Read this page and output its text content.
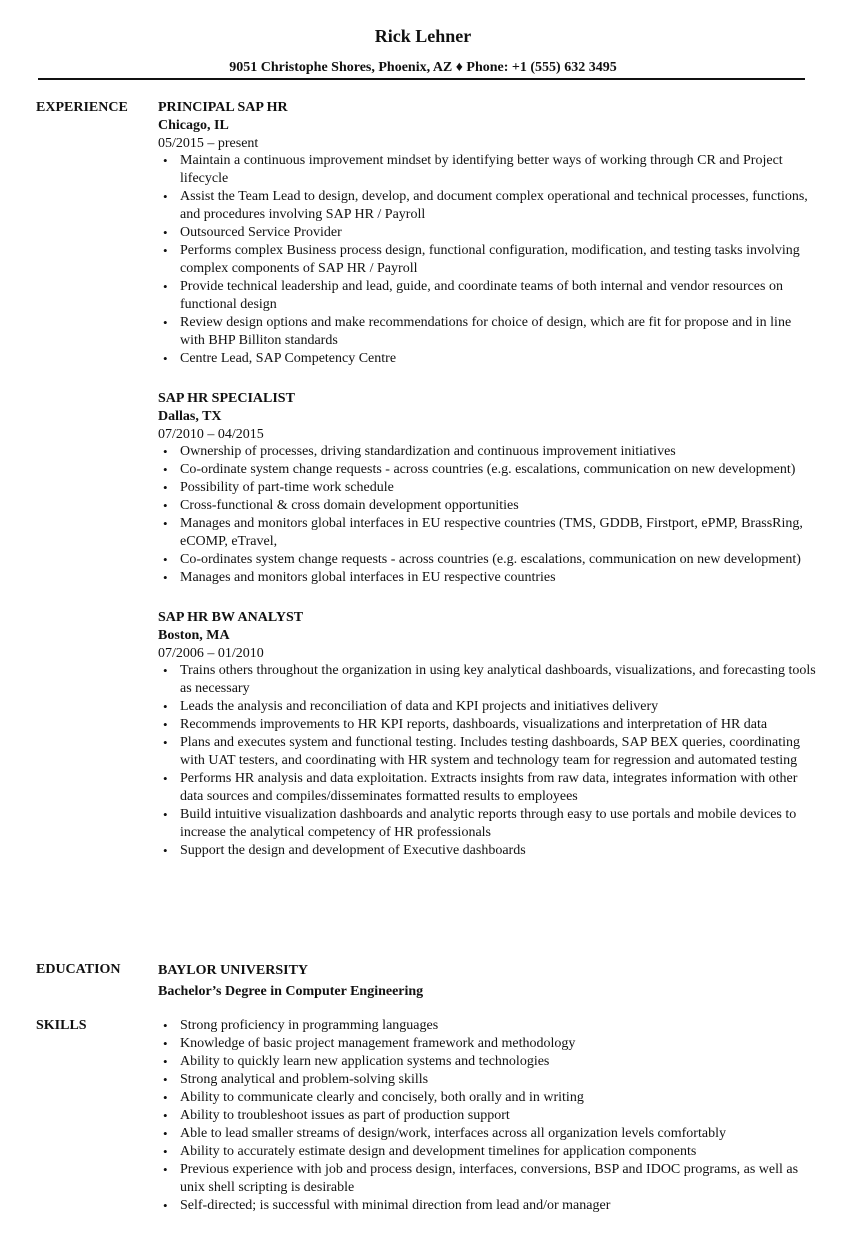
Rick Lehner
9051 Christophe Shores, Phoenix, AZ ♦ Phone: +1 (555) 632 3495
EXPERIENCE PRINCIPAL SAP HR
Chicago, IL
05/2015 – present
• Maintain a continuous improvement mindset by identifying better ways of working through CR and Project lifecycle
• Assist the Team Lead to design, develop, and document complex operational and technical processes, functions, and procedures involving SAP HR / Payroll
• Outsourced Service Provider
• Performs complex Business process design, functional configuration, modification, and testing tasks involving complex components of SAP HR / Payroll
• Provide technical leadership and lead, guide, and coordinate teams of both internal and vendor resources on functional design
• Review design options and make recommendations for choice of design, which are fit for propose and in line with BHP Billiton standards
• Centre Lead, SAP Competency Centre
SAP HR SPECIALIST
Dallas, TX
07/2010 – 04/2015
• Ownership of processes, driving standardization and continuous improvement initiatives
• Co-ordinate system change requests - across countries (e.g. escalations, communication on new development)
• Possibility of part-time work schedule
• Cross-functional & cross domain development opportunities
• Manages and monitors global interfaces in EU respective countries (TMS, GDDB, Firstport, ePMP, BrassRing, eCOMP, eTravel,
• Co-ordinates system change requests - across countries (e.g. escalations, communication on new development)
• Manages and monitors global interfaces in EU respective countries
SAP HR BW ANALYST
Boston, MA
07/2006 – 01/2010
• Trains others throughout the organization in using key analytical dashboards, visualizations, and forecasting tools as necessary
• Leads the analysis and reconciliation of data and KPI projects and initiatives delivery
• Recommends improvements to HR KPI reports, dashboards, visualizations and interpretation of HR data
• Plans and executes system and functional testing. Includes testing dashboards, SAP BEX queries, coordinating with UAT testers, and coordinating with HR system and technology team for regression and automated testing
• Performs HR analysis and data exploitation. Extracts insights from raw data, integrates information with other data sources and compiles/disseminates formatted results to employees
• Build intuitive visualization dashboards and analytic reports through easy to use portals and mobile devices to increase the analytical competency of HR professionals
• Support the design and development of Executive dashboards
EDUCATION	BAYLOR UNIVERSITY
Bachelor’s Degree in Computer Engineering
SKILLS
•	Strong proficiency in programming languages
• Knowledge of basic project management framework and methodology
• Ability to quickly learn new application systems and technologies
• Strong analytical and problem-solving skills
• Ability to communicate clearly and concisely, both orally and in writing
• Ability to troubleshoot issues as part of production support
• Able to lead smaller streams of design/work, interfaces across all organization levels comfortably
• Ability to accurately estimate design and development timelines for application components
• Previous experience with job and process design, interfaces, conversions, BSP and IDOC programs, as well as unix shell scripting is desirable
• Self-directed; is successful with minimal direction from lead and/or manager
